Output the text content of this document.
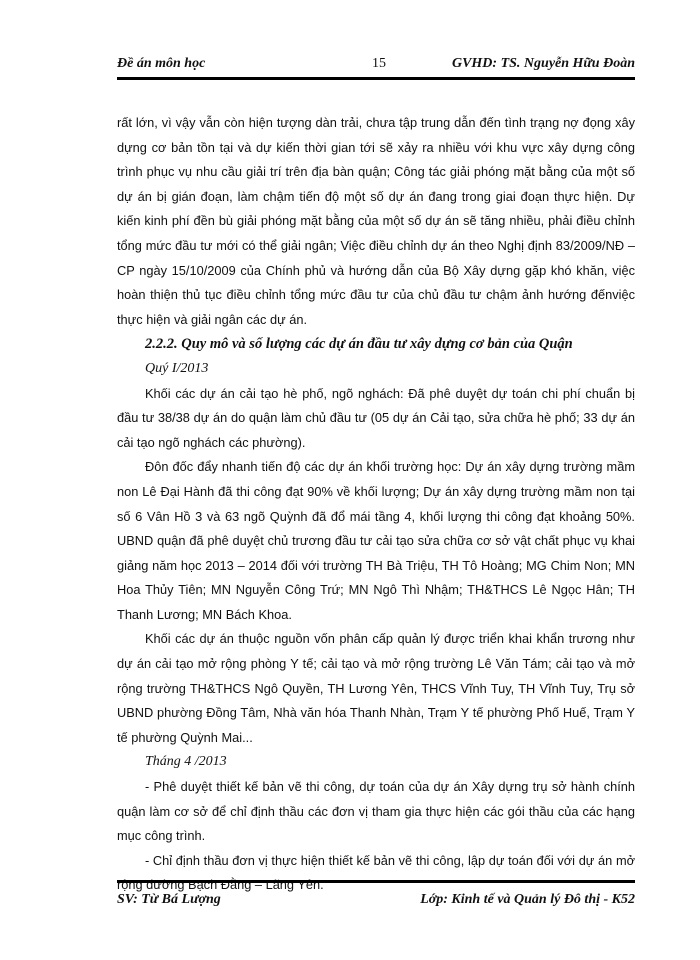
Đề án môn học	15	GVHD: TS. Nguyễn Hữu Đoàn

rất lớn, vì vậy vẫn còn hiện tượng dàn trải, chưa tập trung dẫn đến tình trạng nợ đọng xây dựng cơ bản tồn tại và dự kiến thời gian tới sẽ xảy ra nhiều với khu vực xây dựng công trình phục vụ nhu cầu giải trí trên địa bàn quận; Công tác giải phóng mặt bằng của một số dự án bị gián đoạn, làm chậm tiến độ một số dự án đang trong giai đoạn thực hiện. Dự kiến kinh phí đền bù giải phóng mặt bằng của một số dự án sẽ tăng nhiều, phải điều chỉnh tổng mức đầu tư mới có thể giải ngân; Việc điều chỉnh dự án theo Nghị định 83/2009/NĐ – CP ngày 15/10/2009 của Chính phủ và hướng dẫn của Bộ Xây dựng gặp khó khăn, việc hoàn thiện thủ tục điều chỉnh tổng mức đầu tư của chủ đầu tư chậm ảnh hướng đếnviệc thực hiện và giải ngân các dự án.

2.2.2. Quy mô và số lượng các dự án đầu tư xây dựng cơ bản của Quận

Quý I/2013

Khối các dự án cải tạo hè phố, ngõ nghách: Đã phê duyệt dự toán chi phí chuẩn bị đầu tư 38/38 dự án do quận làm chủ đầu tư (05 dự án Cải tạo, sửa chữa hè phố; 33 dự án cải tạo ngõ nghách các phường).

Đôn đốc đẩy nhanh tiến độ các dự án khối trường học: Dự án xây dựng trường mầm non Lê Đại Hành đã thi công đạt 90% về khối lượng; Dự án xây dựng trường mầm non tại số 6 Vân Hồ 3 và 63 ngõ Quỳnh đã đổ mái tầng 4, khối lượng thi công đạt khoảng 50%. UBND quận đã phê duyệt chủ trương đầu tư cải tạo sửa chữa cơ sở vật chất phục vụ khai giảng năm học 2013 – 2014 đối với trường TH Bà Triệu, TH Tô Hoàng; MG Chim Non; MN Hoa Thủy Tiên; MN Nguyễn Công Trứ; MN Ngô Thì Nhậm; TH&THCS Lê Ngọc Hân; TH Thanh Lương; MN Bách Khoa.

Khối các dự án thuộc nguồn vốn phân cấp quản lý được triển khai khẩn trương như dự án cải tạo mở rộng phòng Y tế; cải tạo và mở rộng trường Lê Văn Tám; cải tạo và mở rộng trường TH&THCS Ngô Quyền, TH Lương Yên, THCS Vĩnh Tuy, TH Vĩnh Tuy, Trụ sở UBND phường Đồng Tâm, Nhà văn hóa Thanh Nhàn, Trạm Y tế phường Phố Huế, Trạm Y tế phường Quỳnh Mai...

Tháng 4 /2013

- Phê duyệt thiết kế bản vẽ thi công, dự toán của dự án Xây dựng trụ sở hành chính quận làm cơ sở để chỉ định thầu các đơn vị tham gia thực hiện các gói thầu của các hạng mục công trình.

- Chỉ định thầu đơn vị thực hiện thiết kế bản vẽ thi công, lập dự toán đối với dự án mở rộng đường Bạch Đằng – Lãng Yên.

SV: Từ Bá Lượng	Lớp: Kinh tế và Quản lý Đô thị - K52
